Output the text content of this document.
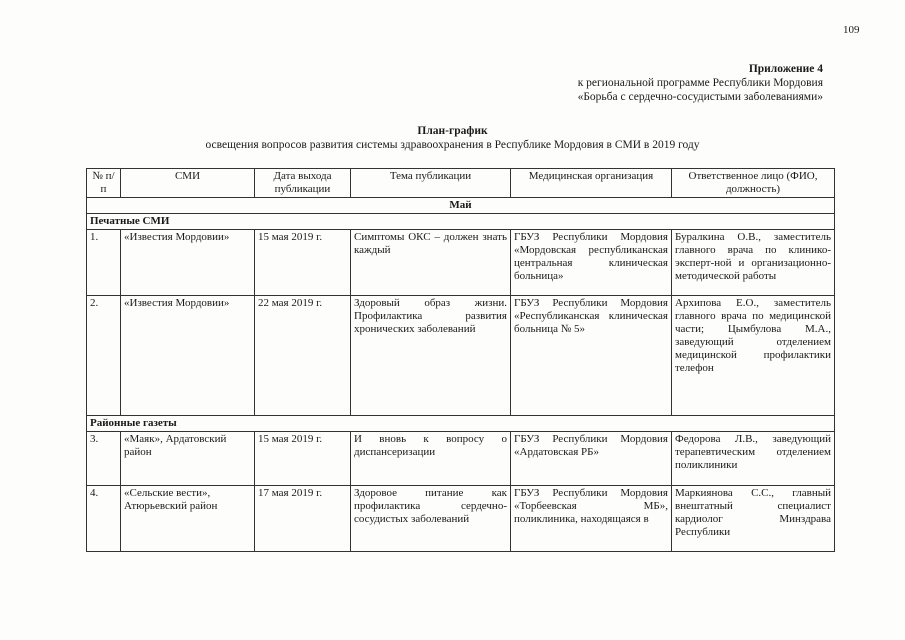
109
Приложение 4
к региональной программе Республики Мордовия
«Борьба с сердечно-сосудистыми заболеваниями»
План-график
освещения вопросов развития системы здравоохранения в Республике Мордовия в СМИ в 2019 году
№ п/п	СМИ	Дата выхода публикации	Тема публикации	Медицинская организация	Ответственное лицо (ФИО, должность)
Май					
Печатные СМИ					
1.	«Известия Мордовии»	15 мая 2019 г.	Симптомы ОКС – должен знать каждый	ГБУЗ Республики Мордовия «Мордовская республиканская центральная клиническая больница»	Буралкина О.В., заместитель главного врача по клинико-эксперт-ной и организационно-методической работы
2.	«Известия Мордовии»	22 мая 2019 г.	Здоровый образ жизни. Профилактика развития хронических заболеваний	ГБУЗ Республики Мордовия «Республиканская клиническая больница № 5»	Архипова Е.О., заместитель главного врача по медицинской части; Цымбулова М.А., заведующий отделением медицинской профилактики телефон
Районные газеты					
3.	«Маяк», Ардатовский район	15 мая 2019 г.	И вновь к вопросу о диспансеризации	ГБУЗ Республики Мордовия «Ардатовская РБ»	Федорова Л.В., заведующий терапевтическим отделением поликлиники
4.	«Сельские вести», Атюрьевский район	17 мая 2019 г.	Здоровое питание как профилактика сердечно-сосудистых заболеваний	ГБУЗ Республики Мордовия «Торбеевская МБ», поликлиника, находящаяся в	Маркиянова С.С., главный внештатный специалист кардиолог Минздрава Республики
